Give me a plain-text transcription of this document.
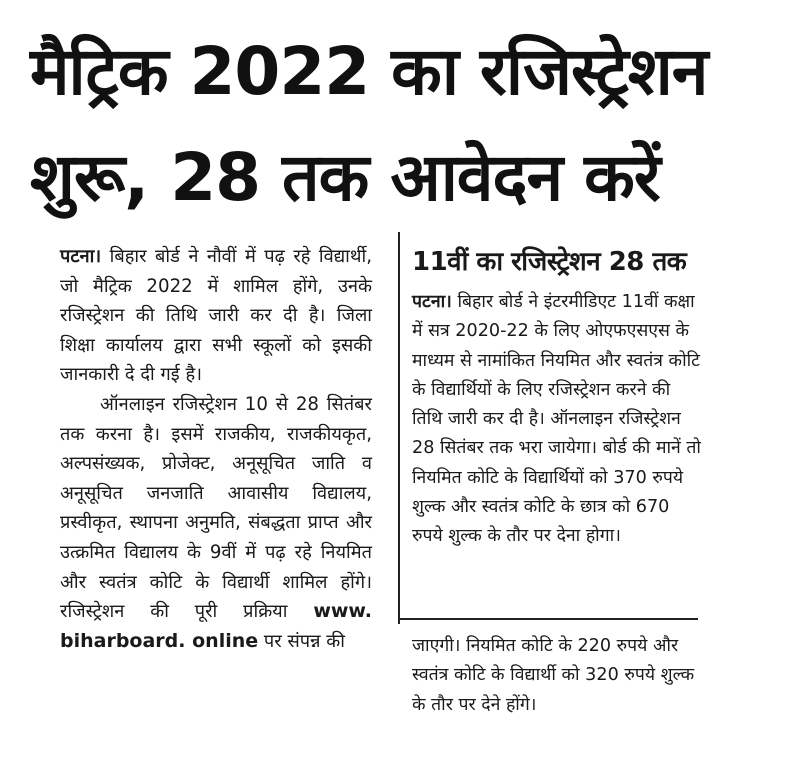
मैट्रिक 2022 का रजिस्ट्रेशन
शुरू, 28 तक आवेदन करें

पटना। बिहार बोर्ड ने नौवीं में पढ़ रहे विद्यार्थी, जो मैट्रिक 2022 में शामिल होंगे, उनके रजिस्ट्रेशन की तिथि जारी कर दी है। जिला शिक्षा कार्यालय द्वारा सभी स्कूलों को इसकी जानकारी दे दी गई है।

ऑनलाइन रजिस्ट्रेशन 10 से 28 सितंबर तक करना है। इसमें राजकीय, राजकीयकृत, अल्पसंख्यक, प्रोजेक्ट, अनूसूचित जाति व अनूसूचित जनजाति आवासीय विद्यालय, प्रस्वीकृत, स्थापना अनुमति, संबद्धता प्राप्त और उत्क्रमित विद्यालय के 9वीं में पढ़ रहे नियमित और स्वतंत्र कोटि के विद्यार्थी शामिल होंगे। रजिस्ट्रेशन की पूरी प्रक्रिया www. biharboard. online पर संपन्न की

11वीं का रजिस्ट्रेशन 28 तक

पटना। बिहार बोर्ड ने इंटरमीडिएट 11वीं कक्षा में सत्र 2020-22 के लिए ओएफएसएस के माध्यम से नामांकित नियमित और स्वतंत्र कोटि के विद्यार्थियों के लिए रजिस्ट्रेशन करने की तिथि जारी कर दी है। ऑनलाइन रजिस्ट्रेशन 28 सितंबर तक भरा जायेगा। बोर्ड की मानें तो नियमित कोटि के विद्यार्थियों को 370 रुपये शुल्क और स्वतंत्र कोटि के छात्र को 670 रुपये शुल्क के तौर पर देना होगा।

जाएगी। नियमित कोटि के 220 रुपये और स्वतंत्र कोटि के विद्यार्थी को 320 रुपये शुल्क के तौर पर देने होंगे।
